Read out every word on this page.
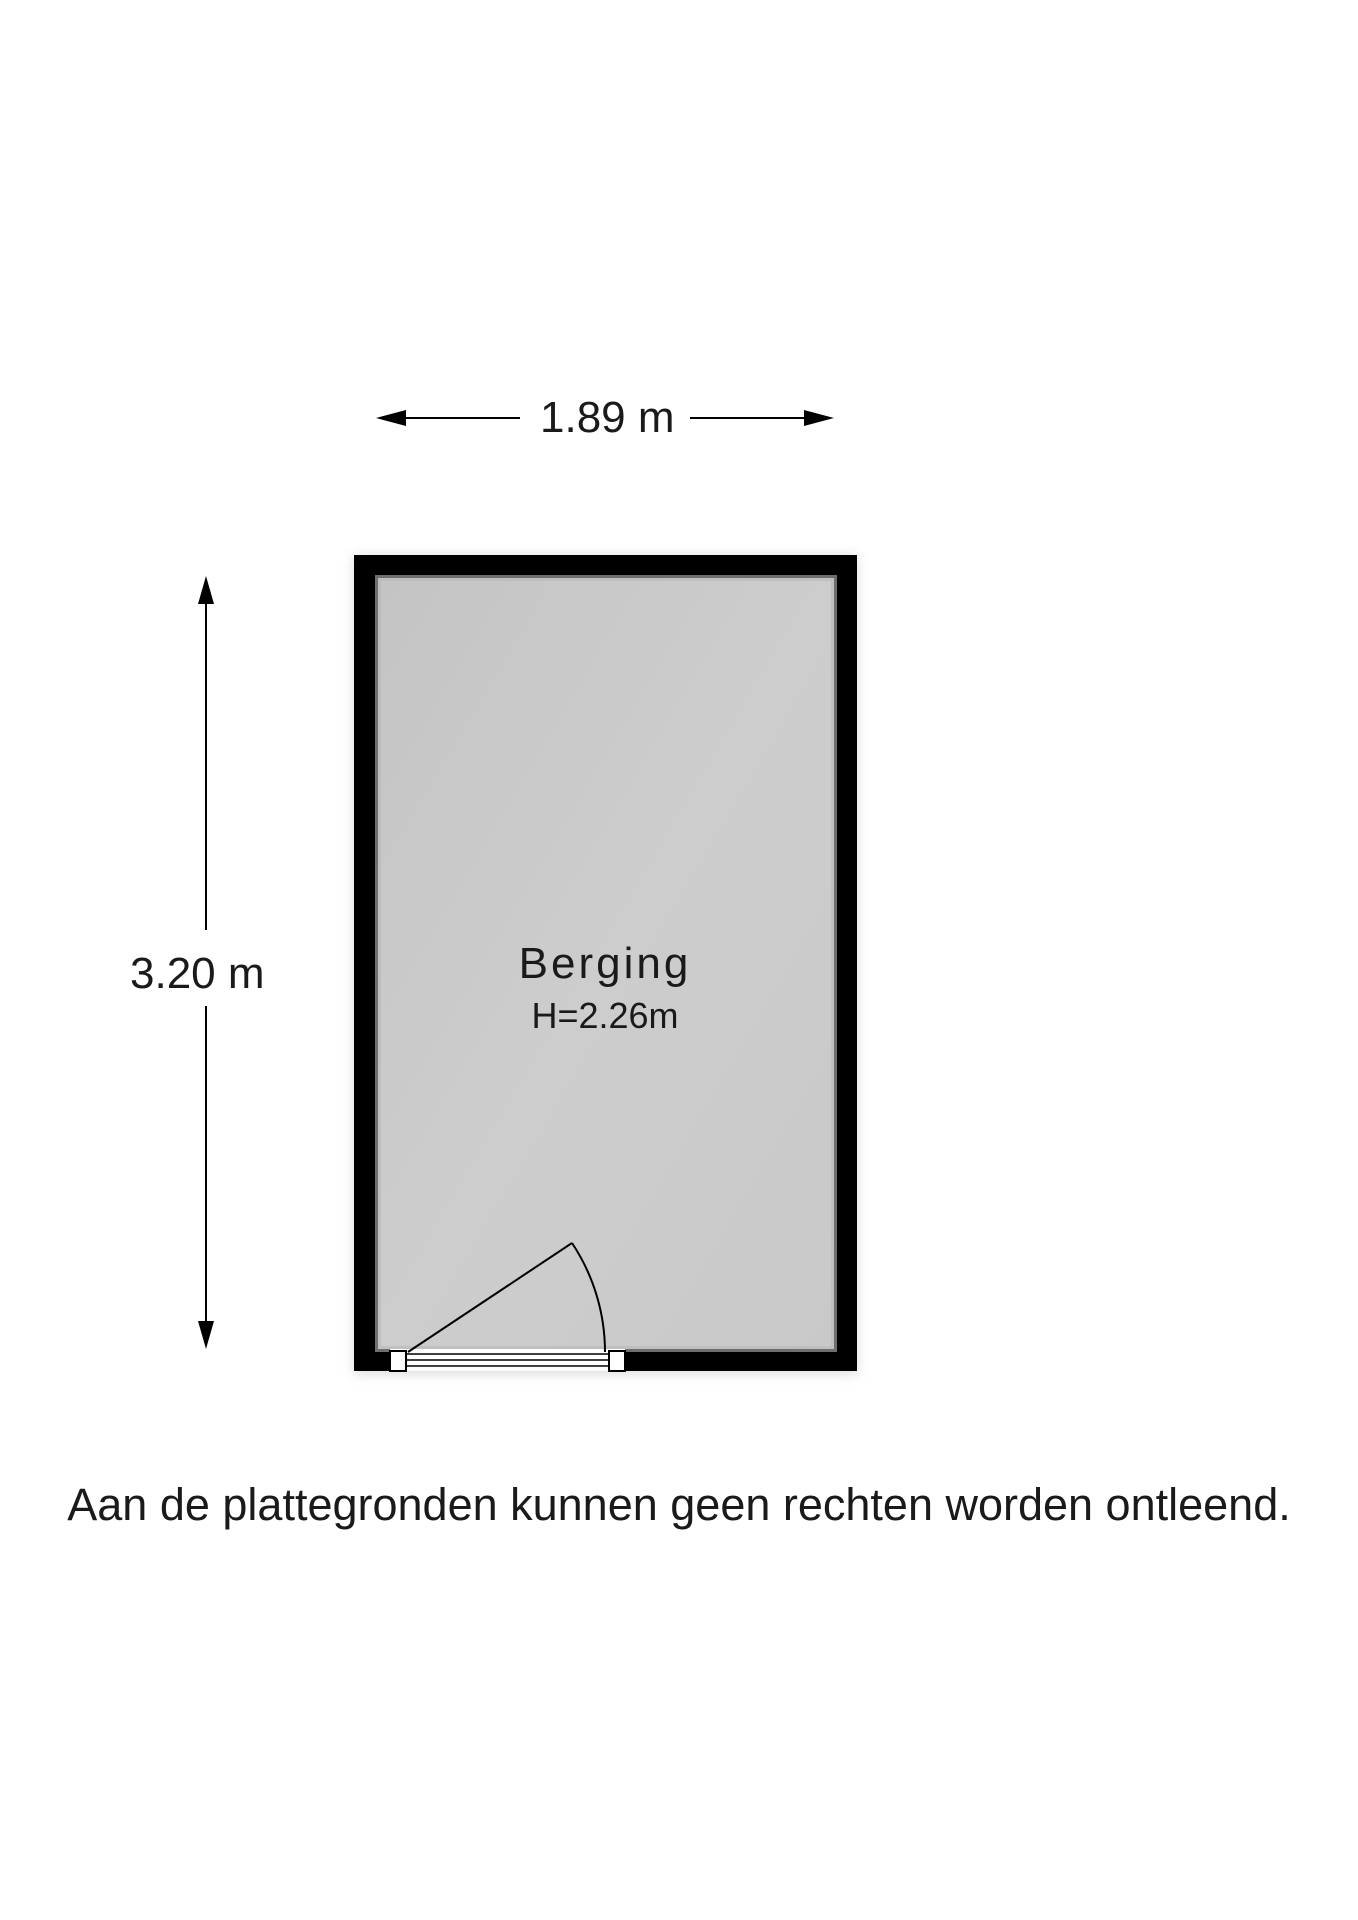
1.89 m
3.20 m	Berging
H=2.26m
Aan de plattegronden kunnen geen rechten worden ontleend.
